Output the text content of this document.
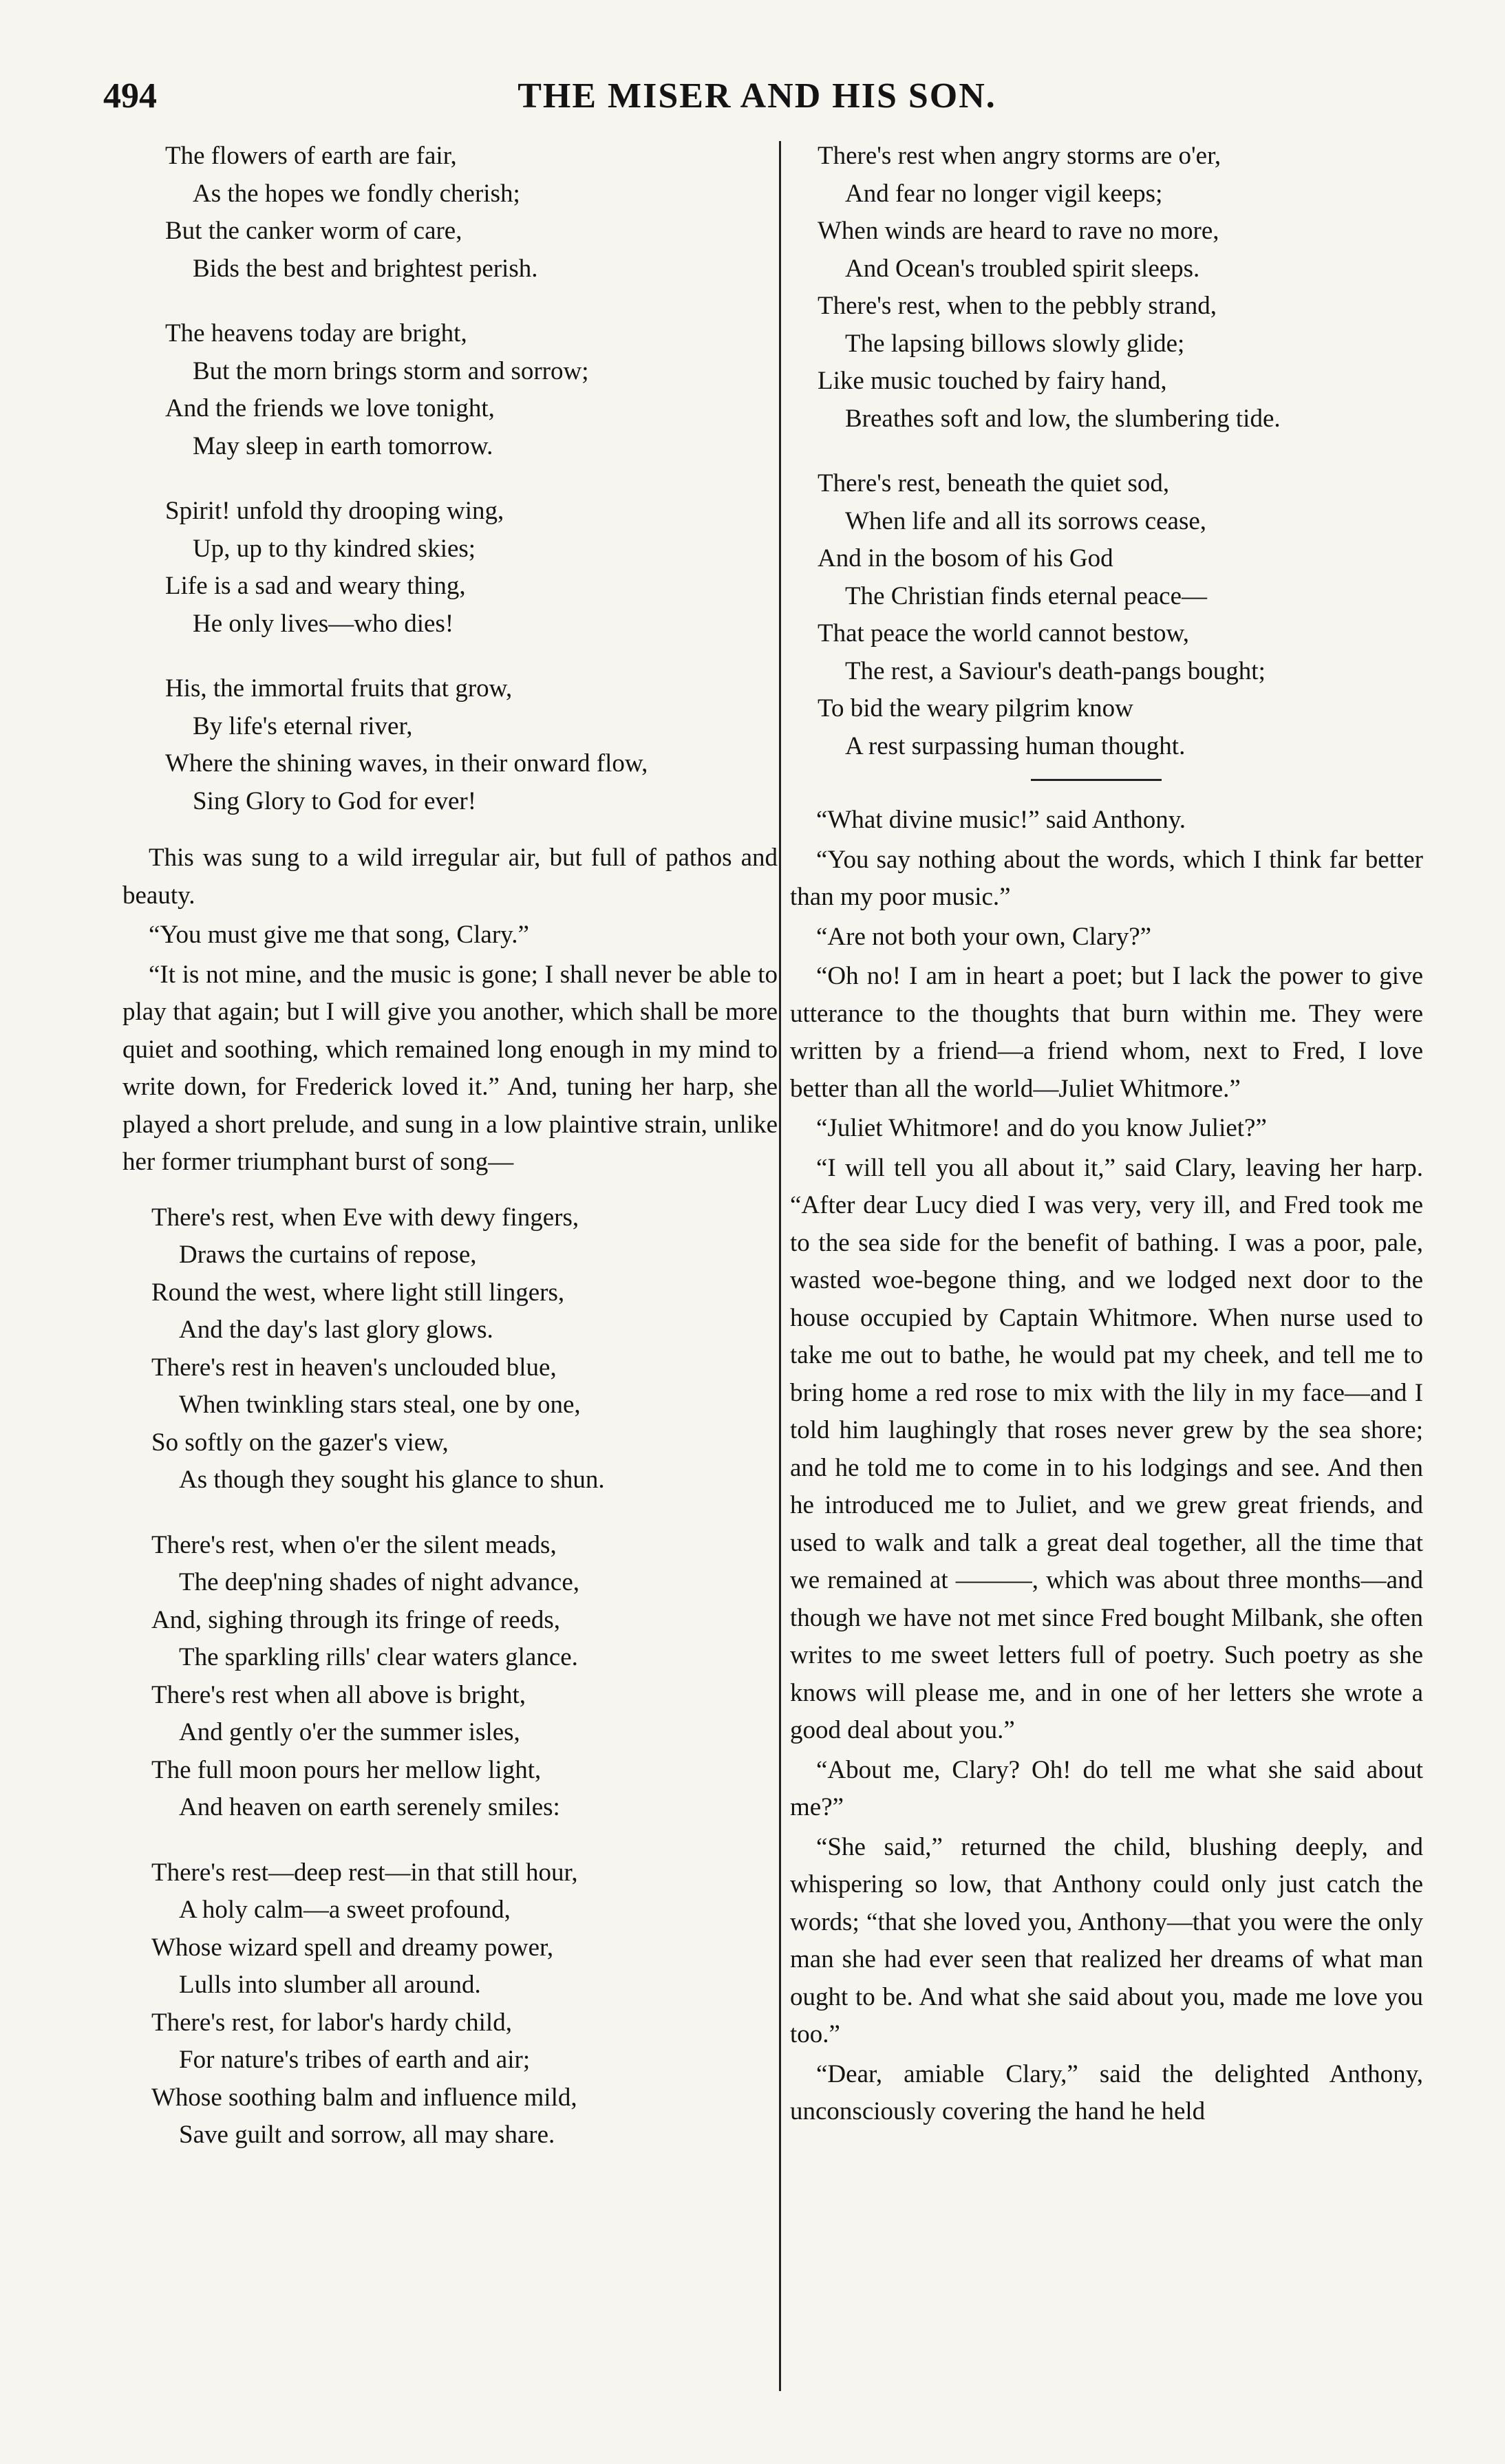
494	THE MISER AND HIS SON.
The flowers of earth are fair,
As the hopes we fondly cherish;
But the canker worm of care,
Bids the best and brightest perish.
The heavens today are bright,
But the morn brings storm and sorrow;
And the friends we love tonight,
May sleep in earth tomorrow.
Spirit! unfold thy drooping wing,
Up, up to thy kindred skies;
Life is a sad and weary thing,
He only lives—who dies!
His, the immortal fruits that grow,
By life's eternal river,
Where the shining waves, in their onward flow,
Sing Glory to God for ever!

This was sung to a wild irregular air, but full of pathos and beauty.

“You must give me that song, Clary.”

“It is not mine, and the music is gone; I shall never be able to play that again; but I will give you another, which shall be more quiet and soothing, which remained long enough in my mind to write down, for Frederick loved it.” And, tuning her harp, she played a short prelude, and sung in a low plaintive strain, unlike her former triumphant burst of song—

There's rest, when Eve with dewy fingers,
Draws the curtains of repose,
Round the west, where light still lingers,
And the day's last glory glows.
There's rest in heaven's unclouded blue,
When twinkling stars steal, one by one,
So softly on the gazer's view,
As though they sought his glance to shun.
There's rest, when o'er the silent meads,
The deep'ning shades of night advance,
And, sighing through its fringe of reeds,
The sparkling rills' clear waters glance.
There's rest when all above is bright,
And gently o'er the summer isles,
The full moon pours her mellow light,
And heaven on earth serenely smiles:
There's rest—deep rest—in that still hour,
A holy calm—a sweet profound,
Whose wizard spell and dreamy power,
Lulls into slumber all around.
There's rest, for labor's hardy child,
For nature's tribes of earth and air;
Whose soothing balm and influence mild,
Save guilt and sorrow, all may share.
There's rest when angry storms are o'er,
And fear no longer vigil keeps;
When winds are heard to rave no more,
And Ocean's troubled spirit sleeps.
There's rest, when to the pebbly strand,
The lapsing billows slowly glide;
Like music touched by fairy hand,
Breathes soft and low, the slumbering tide.
There's rest, beneath the quiet sod,
When life and all its sorrows cease,
And in the bosom of his God
The Christian finds eternal peace—
That peace the world cannot bestow,
The rest, a Saviour's death-pangs bought;
To bid the weary pilgrim know
A rest surpassing human thought.

“What divine music!” said Anthony.

“You say nothing about the words, which I think far better than my poor music.”

“Are not both your own, Clary?”

“Oh no! I am in heart a poet; but I lack the power to give utterance to the thoughts that burn within me. They were written by a friend—a friend whom, next to Fred, I love better than all the world—Juliet Whitmore.”

“Juliet Whitmore! and do you know Juliet?”

“I will tell you all about it,” said Clary, leaving her harp. “After dear Lucy died I was very, very ill, and Fred took me to the sea side for the benefit of bathing. I was a poor, pale, wasted woe-begone thing, and we lodged next door to the house occupied by Captain Whitmore. When nurse used to take me out to bathe, he would pat my cheek, and tell me to bring home a red rose to mix with the lily in my face—and I told him laughingly that roses never grew by the sea shore; and he told me to come in to his lodgings and see. And then he introduced me to Juliet, and we grew great friends, and used to walk and talk a great deal together, all the time that we remained at ———, which was about three months—and though we have not met since Fred bought Milbank, she often writes to me sweet letters full of poetry. Such poetry as she knows will please me, and in one of her letters she wrote a good deal about you.”

“About me, Clary? Oh! do tell me what she said about me?”

“She said,” returned the child, blushing deeply, and whispering so low, that Anthony could only just catch the words; “that she loved you, Anthony—that you were the only man she had ever seen that realized her dreams of what man ought to be. And what she said about you, made me love you too.”

“Dear, amiable Clary,” said the delighted Anthony, unconsciously covering the hand he held
